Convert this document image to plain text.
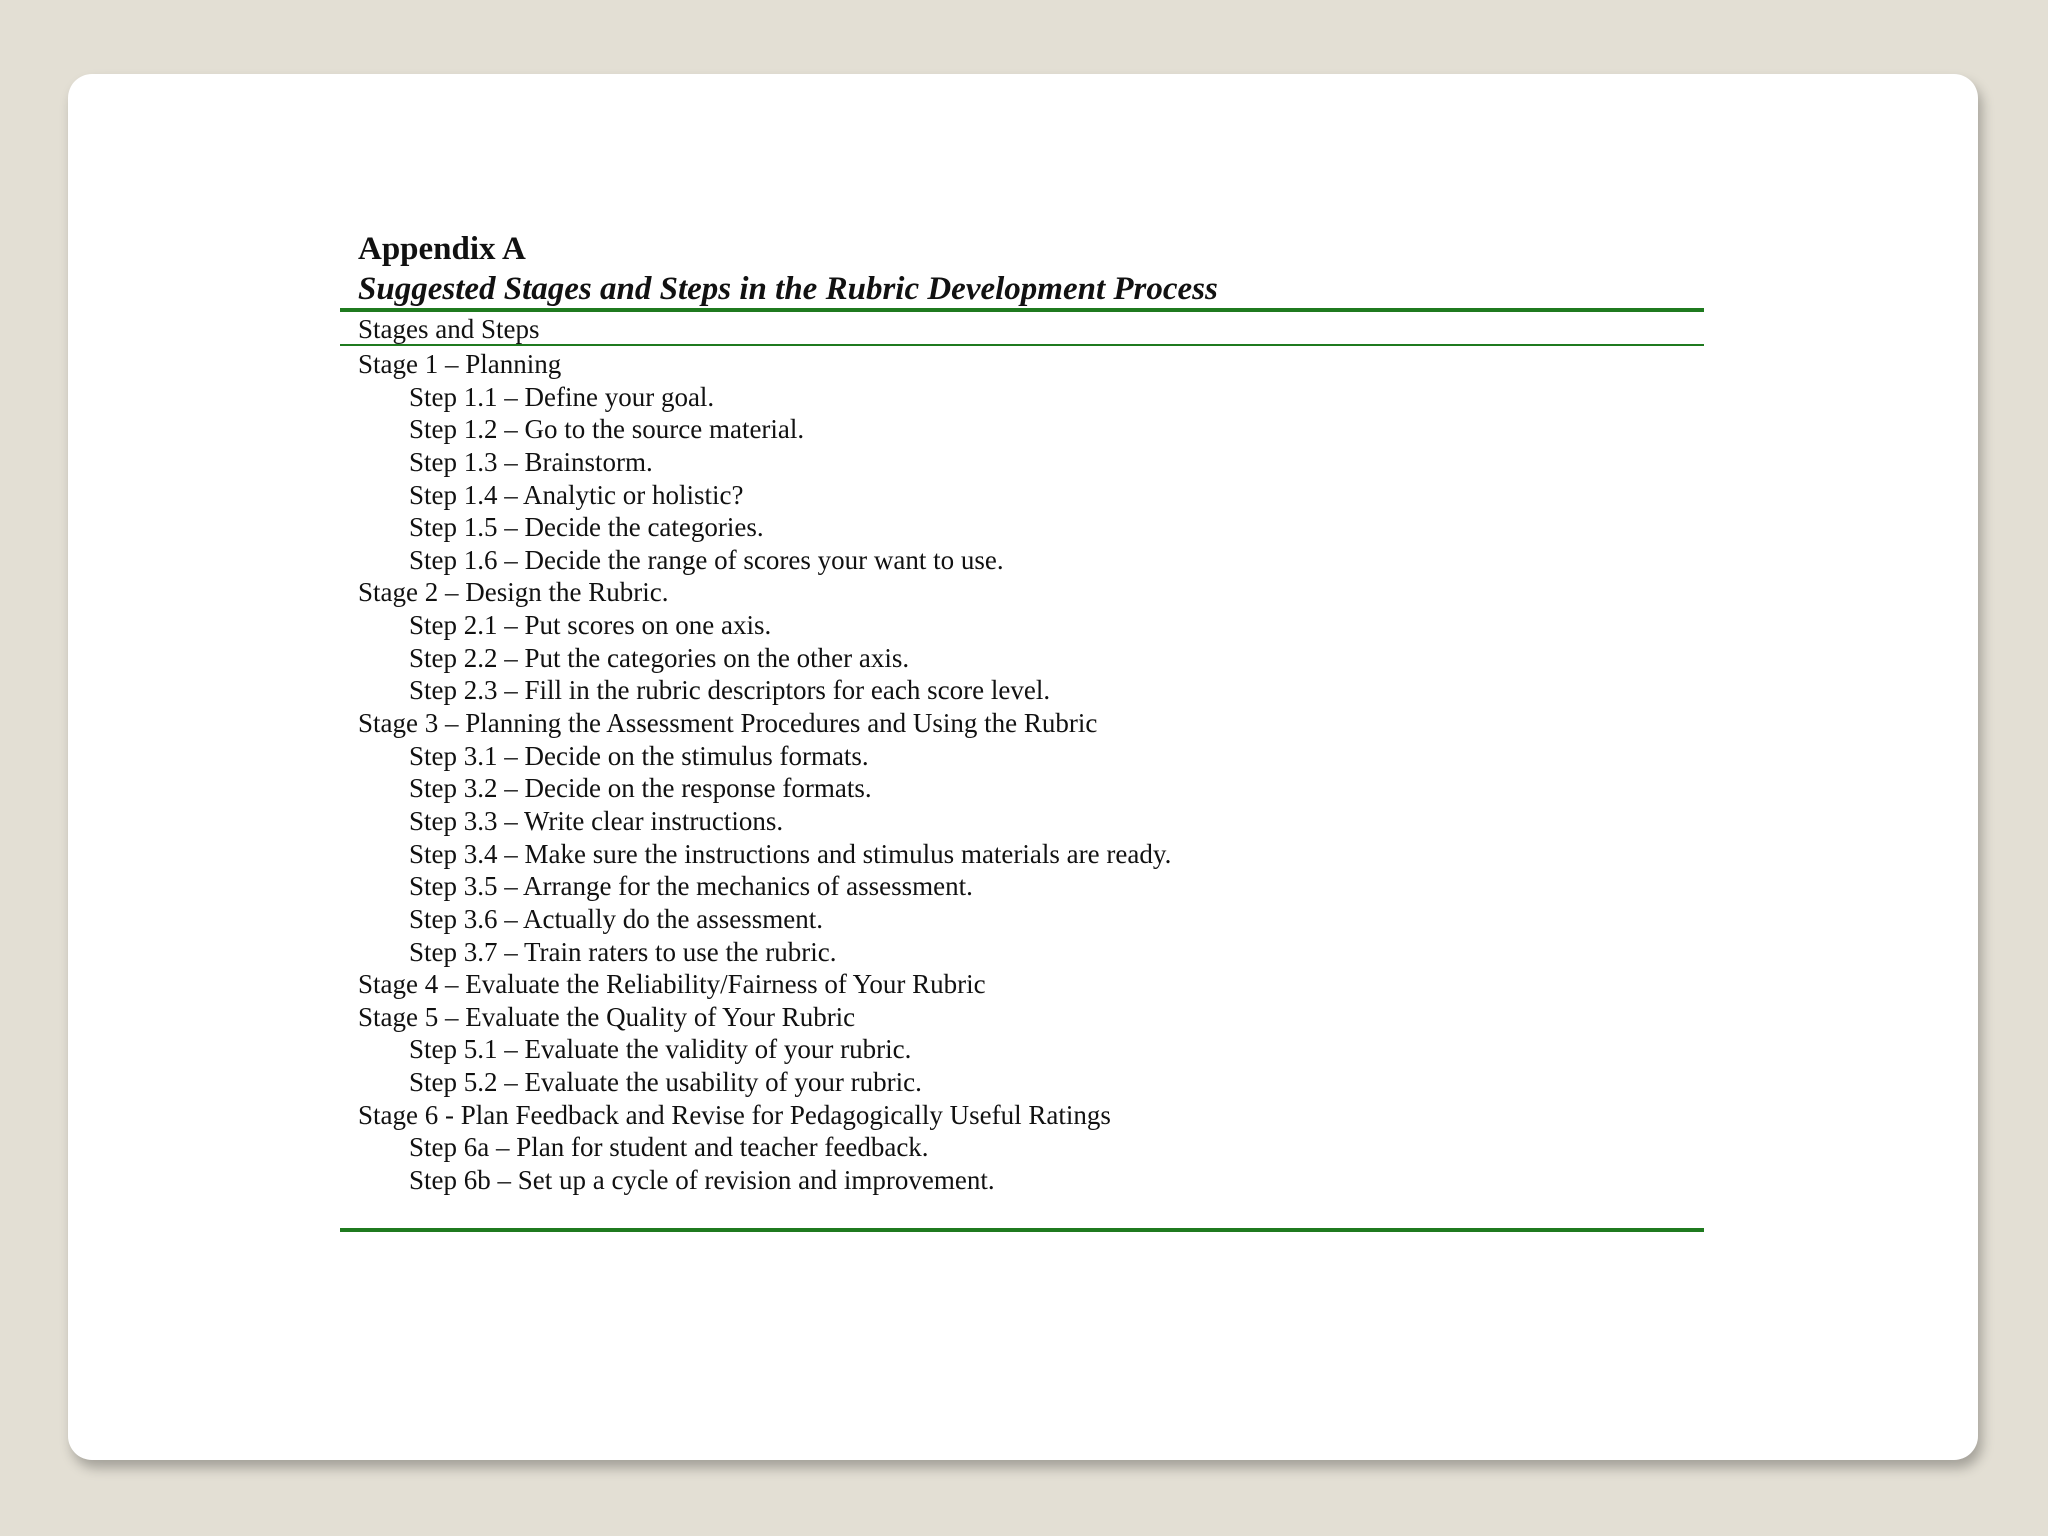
Appendix A
Suggested Stages and Steps in the Rubric Development Process
Stages and Steps
Stage 1 – Planning
Step 1.1 – Define your goal.
Step 1.2 – Go to the source material.
Step 1.3 – Brainstorm.
Step 1.4 – Analytic or holistic?
Step 1.5 – Decide the categories.
Step 1.6 – Decide the range of scores your want to use.
Stage 2 – Design the Rubric.
Step 2.1 – Put scores on one axis.
Step 2.2 – Put the categories on the other axis.
Step 2.3 – Fill in the rubric descriptors for each score level.
Stage 3 – Planning the Assessment Procedures and Using the Rubric
Step 3.1 – Decide on the stimulus formats.
Step 3.2 – Decide on the response formats.
Step 3.3 – Write clear instructions.
Step 3.4 – Make sure the instructions and stimulus materials are ready.
Step 3.5 – Arrange for the mechanics of assessment.
Step 3.6 – Actually do the assessment.
Step 3.7 – Train raters to use the rubric.
Stage 4 – Evaluate the Reliability/Fairness of Your Rubric
Stage 5 – Evaluate the Quality of Your Rubric
Step 5.1 – Evaluate the validity of your rubric.
Step 5.2 – Evaluate the usability of your rubric.
Stage 6 - Plan Feedback and Revise for Pedagogically Useful Ratings
Step 6a – Plan for student and teacher feedback.
Step 6b – Set up a cycle of revision and improvement.
